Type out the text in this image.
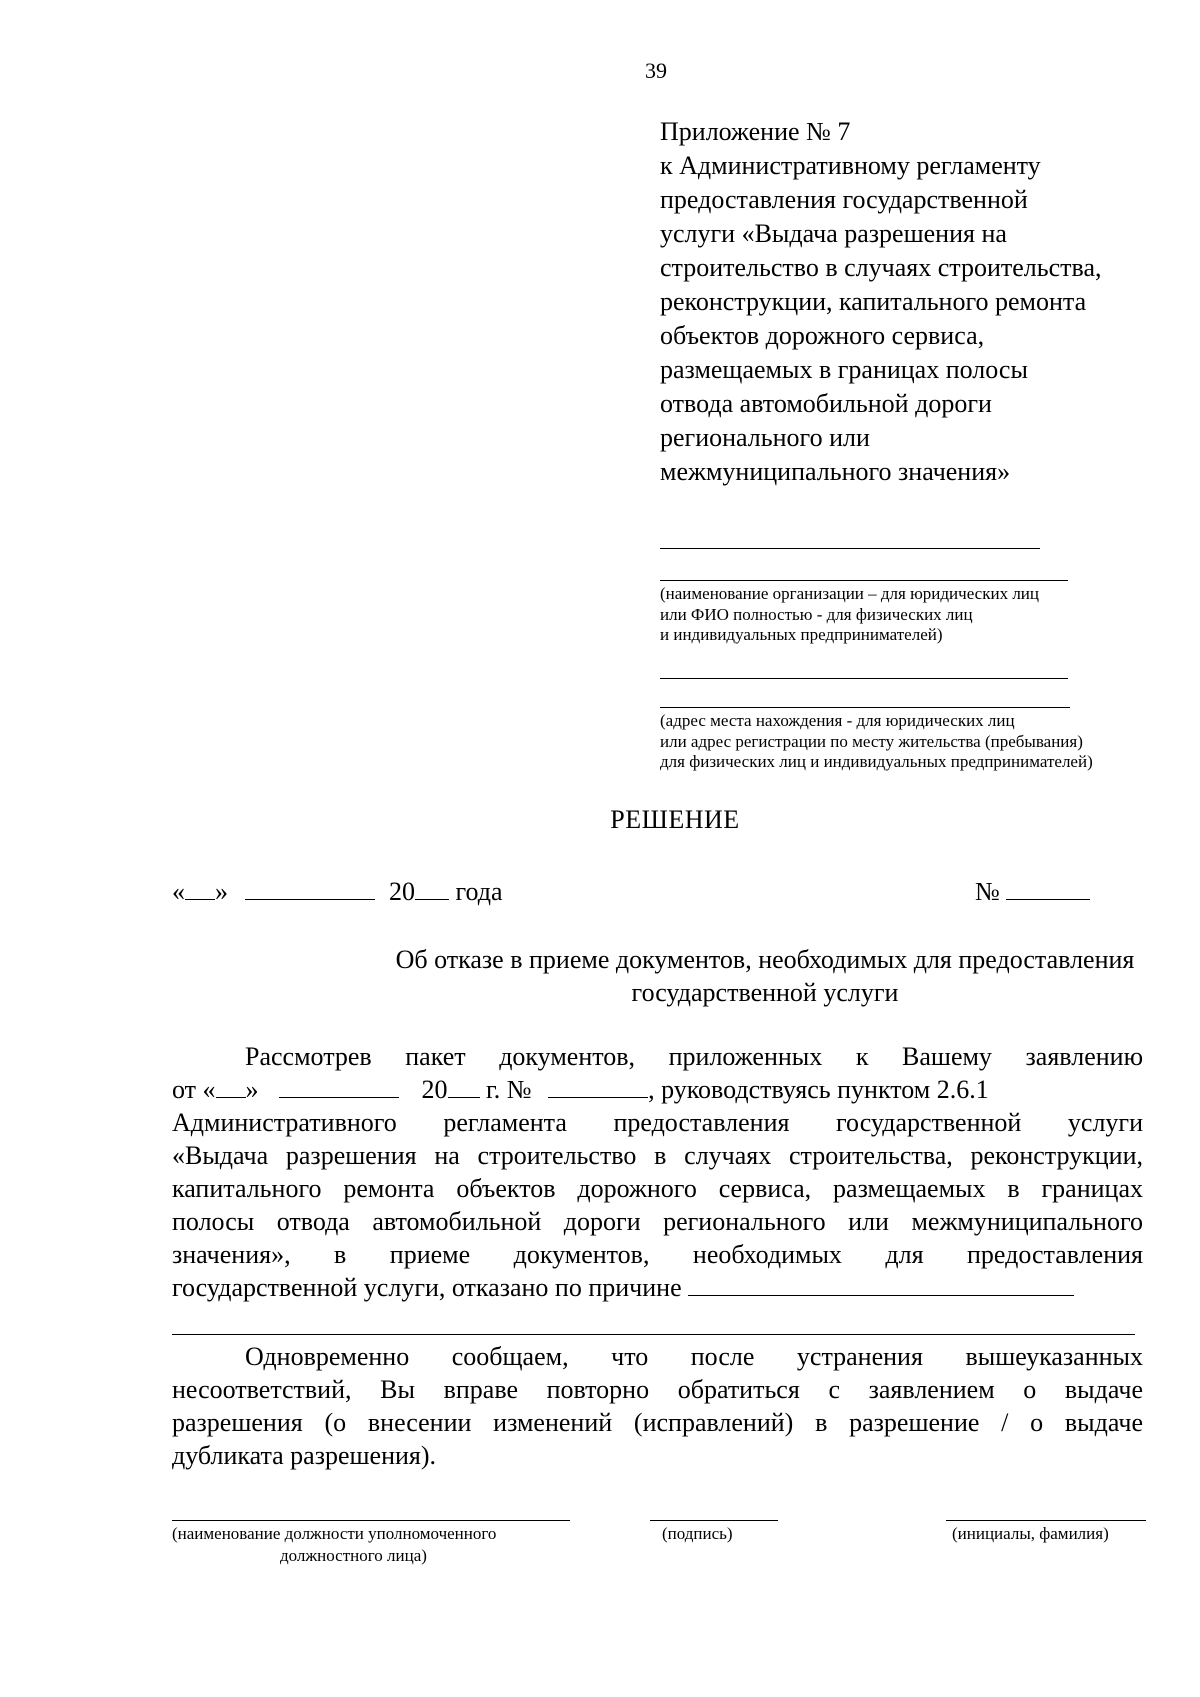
39
Приложение № 7
к Административному регламенту
предоставления государственной
услуги «Выдача разрешения на
строительство в случаях строительства,
реконструкции, капитального ремонта
объектов дорожного сервиса,
размещаемых в границах полосы
отвода автомобильной дороги
регионального или
межмуниципального значения»
(наименование организации – для юридических лиц
или ФИО полностью - для физических лиц
и индивидуальных предпринимателей)
(адрес места нахождения - для юридических лиц
или адрес регистрации по месту жительства (пребывания)
для физических лиц и индивидуальных предпринимателей)
РЕШЕНИЕ
« »	20 года	№
Об отказе в приеме документов, необходимых для предоставления
государственной услуги
Рассмотрев пакет документов, приложенных к Вашему заявлению
от « »	20 г. №	, руководствуясь пунктом 2.6.1
Административного регламента предоставления государственной услуги
«Выдача разрешения на строительство в случаях строительства, реконструкции,
капитального ремонта объектов дорожного сервиса, размещаемых в границах
полосы отвода автомобильной дороги регионального или межмуниципального
значения», в приеме документов, необходимых для предоставления
государственной услуги, отказано по причине
Одновременно сообщаем, что после устранения вышеуказанных
несоответствий, Вы вправе повторно обратиться с заявлением о выдаче
разрешения (о внесении изменений (исправлений) в разрешение / о выдаче
дубликата разрешения).
(наименование должности уполномоченного
должностного лица)
(подпись)	(инициалы, фамилия)
